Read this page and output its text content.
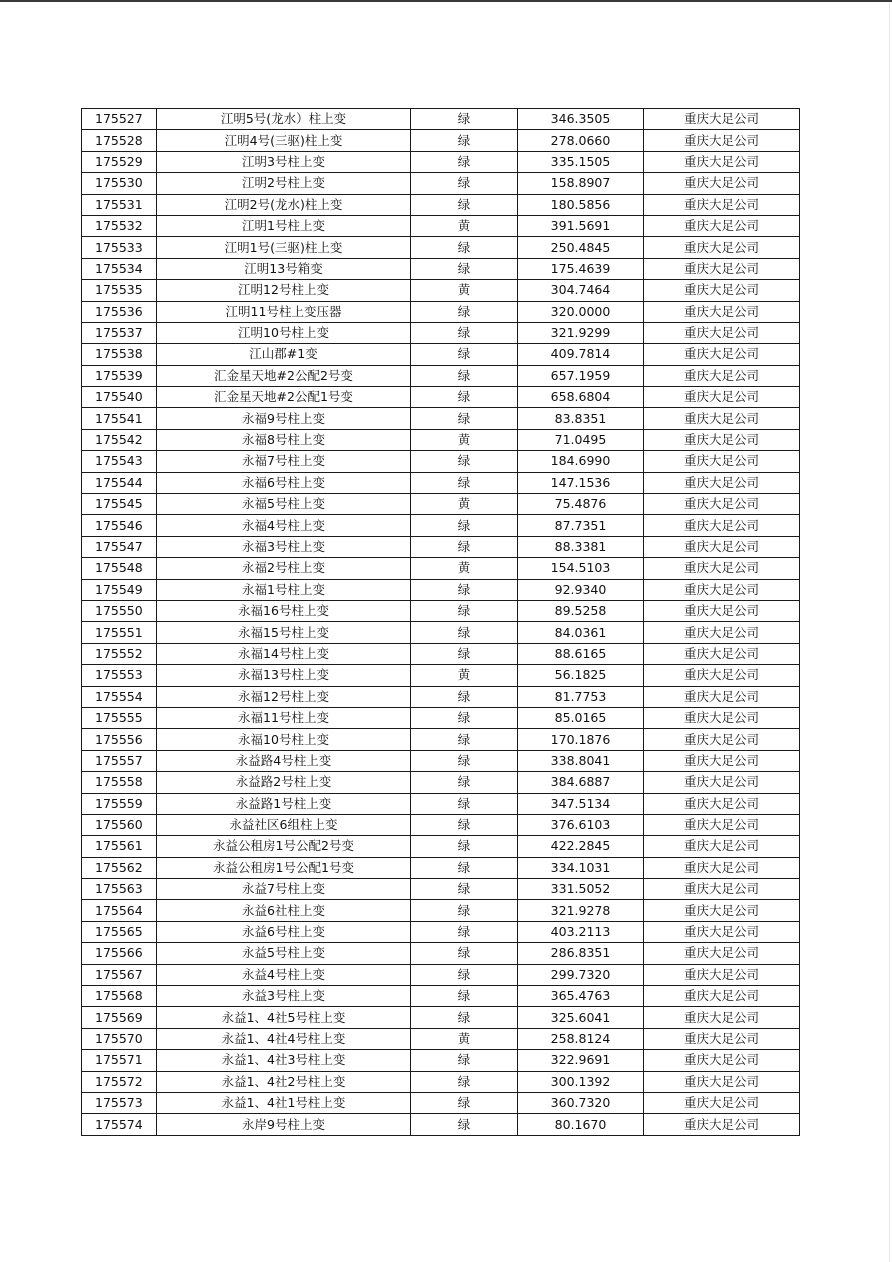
175527	江明5号(龙水）柱上变	绿	346.3505	重庆大足公司
175528	江明4号(三驱)柱上变	绿	278.0660	重庆大足公司
175529	江明3号柱上变	绿	335.1505	重庆大足公司
175530	江明2号柱上变	绿	158.8907	重庆大足公司
175531	江明2号(龙水)柱上变	绿	180.5856	重庆大足公司
175532	江明1号柱上变	黄	391.5691	重庆大足公司
175533	江明1号(三驱)柱上变	绿	250.4845	重庆大足公司
175534	江明13号箱变	绿	175.4639	重庆大足公司
175535	江明12号柱上变	黄	304.7464	重庆大足公司
175536	江明11号柱上变压器	绿	320.0000	重庆大足公司
175537	江明10号柱上变	绿	321.9299	重庆大足公司
175538	江山郡#1变	绿	409.7814	重庆大足公司
175539	汇金星天地#2公配2号变	绿	657.1959	重庆大足公司
175540	汇金星天地#2公配1号变	绿	658.6804	重庆大足公司
175541	永福9号柱上变	绿	83.8351	重庆大足公司
175542	永福8号柱上变	黄	71.0495	重庆大足公司
175543	永福7号柱上变	绿	184.6990	重庆大足公司
175544	永福6号柱上变	绿	147.1536	重庆大足公司
175545	永福5号柱上变	黄	75.4876	重庆大足公司
175546	永福4号柱上变	绿	87.7351	重庆大足公司
175547	永福3号柱上变	绿	88.3381	重庆大足公司
175548	永福2号柱上变	黄	154.5103	重庆大足公司
175549	永福1号柱上变	绿	92.9340	重庆大足公司
175550	永福16号柱上变	绿	89.5258	重庆大足公司
175551	永福15号柱上变	绿	84.0361	重庆大足公司
175552	永福14号柱上变	绿	88.6165	重庆大足公司
175553	永福13号柱上变	黄	56.1825	重庆大足公司
175554	永福12号柱上变	绿	81.7753	重庆大足公司
175555	永福11号柱上变	绿	85.0165	重庆大足公司
175556	永福10号柱上变	绿	170.1876	重庆大足公司
175557	永益路4号柱上变	绿	338.8041	重庆大足公司
175558	永益路2号柱上变	绿	384.6887	重庆大足公司
175559	永益路1号柱上变	绿	347.5134	重庆大足公司
175560	永益社区6组柱上变	绿	376.6103	重庆大足公司
175561	永益公租房1号公配2号变	绿	422.2845	重庆大足公司
175562	永益公租房1号公配1号变	绿	334.1031	重庆大足公司
175563	永益7号柱上变	绿	331.5052	重庆大足公司
175564	永益6社柱上变	绿	321.9278	重庆大足公司
175565	永益6号柱上变	绿	403.2113	重庆大足公司
175566	永益5号柱上变	绿	286.8351	重庆大足公司
175567	永益4号柱上变	绿	299.7320	重庆大足公司
175568	永益3号柱上变	绿	365.4763	重庆大足公司
175569	永益1、4社5号柱上变	绿	325.6041	重庆大足公司
175570	永益1、4社4号柱上变	黄	258.8124	重庆大足公司
175571	永益1、4社3号柱上变	绿	322.9691	重庆大足公司
175572	永益1、4社2号柱上变	绿	300.1392	重庆大足公司
175573	永益1、4社1号柱上变	绿	360.7320	重庆大足公司
175574	永岸9号柱上变	绿	80.1670	重庆大足公司
